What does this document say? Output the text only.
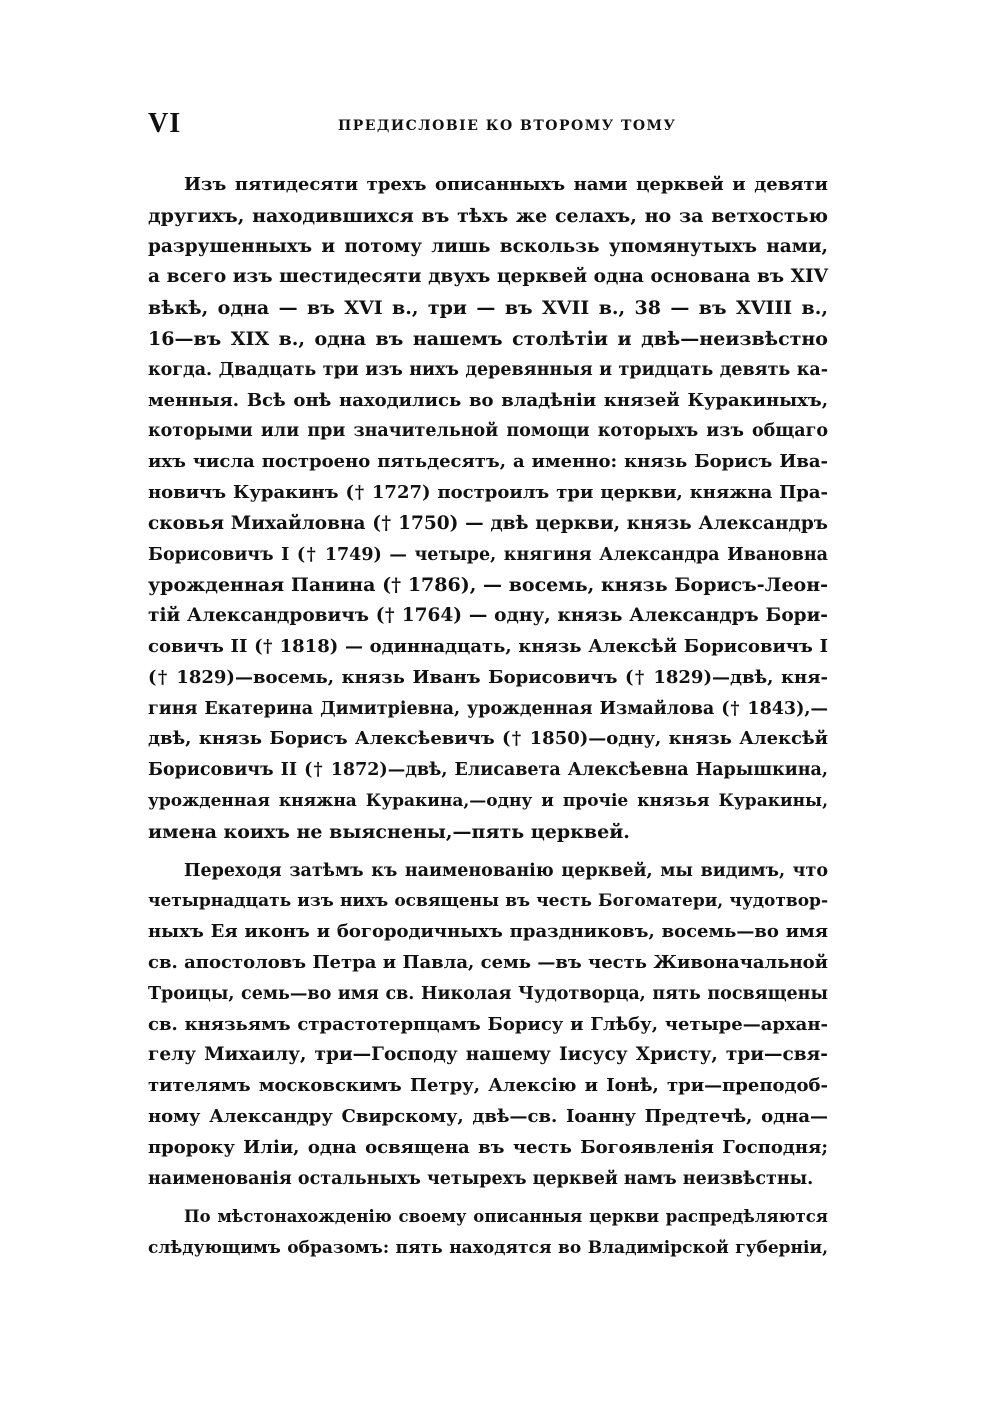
VI	ПРЕДИСЛОВІЕ КО ВТОРОМУ ТОМУ
Изъ пятидесяти трехъ описанныхъ нами церквей и девяти
другихъ, находившихся въ тѣхъ же селахъ, но за ветхостью
разрушенныхъ и потому лишь вскользь упомянутыхъ нами,
а всего изъ шестидесяти двухъ церквей одна основана въ XIV
вѣкѣ, одна — въ XVI в., три — въ XVII в., 38 — въ XVIII в.,
16—въ XIX в., одна въ нашемъ столѣтіи и двѣ—неизвѣстно
когда. Двадцать три изъ нихъ деревянныя и тридцать девять ка-
менныя. Всѣ онѣ находились во владѣніи князей Куракиныхъ,
которыми или при значительной помощи которыхъ изъ общаго
ихъ числа построено пятьдесятъ, а именно: князь Борисъ Ива-
новичъ Куракинъ († 1727) построилъ три церкви, княжна Пра-
сковья Михайловна († 1750) — двѣ церкви, князь Александръ
Борисовичъ I († 1749) — четыре, княгиня Александра Ивановна
урожденная Панина († 1786), — восемь, князь Борисъ-Леон-
тій Александровичъ († 1764) — одну, князь Александръ Бори-
совичъ II († 1818) — одиннадцать, князь Алексѣй Борисовичъ I
(† 1829)—восемь, князь Иванъ Борисовичъ († 1829)—двѣ, кня-
гиня Екатерина Димитріевна, урожденная Измайлова († 1843),—
двѣ, князь Борисъ Алексѣевичъ († 1850)—одну, князь Алексѣй
Борисовичъ II († 1872)—двѣ, Елисавета Алексѣевна Нарышкина,
урожденная княжна Куракина,—одну и прочіе князья Куракины,
имена коихъ не выяснены,—пять церквей.
Переходя затѣмъ къ наименованію церквей, мы видимъ, что
четырнадцать изъ нихъ освящены въ честь Богоматери, чудотвор-
ныхъ Ея иконъ и богородичныхъ праздниковъ, восемь—во имя
св. апостоловъ Петра и Павла, семь —въ честь Живоначальной
Троицы, семь—во имя св. Николая Чудотворца, пять посвящены
св. князьямъ страстотерпцамъ Борису и Глѣбу, четыре—архан-
гелу Михаилу, три—Господу нашему Іисусу Христу, три—свя-
тителямъ московскимъ Петру, Алексію и Іонѣ, три—преподоб-
ному Александру Свирскому, двѣ—св. Іоанну Предтечѣ, одна—
пророку Иліи, одна освящена въ честь Богоявленія Господня;
наименованія остальныхъ четырехъ церквей намъ неизвѣстны.
По мѣстонахожденію своему описанныя церкви распредѣляются
слѣдующимъ образомъ: пять находятся во Владимірской губерніи,
